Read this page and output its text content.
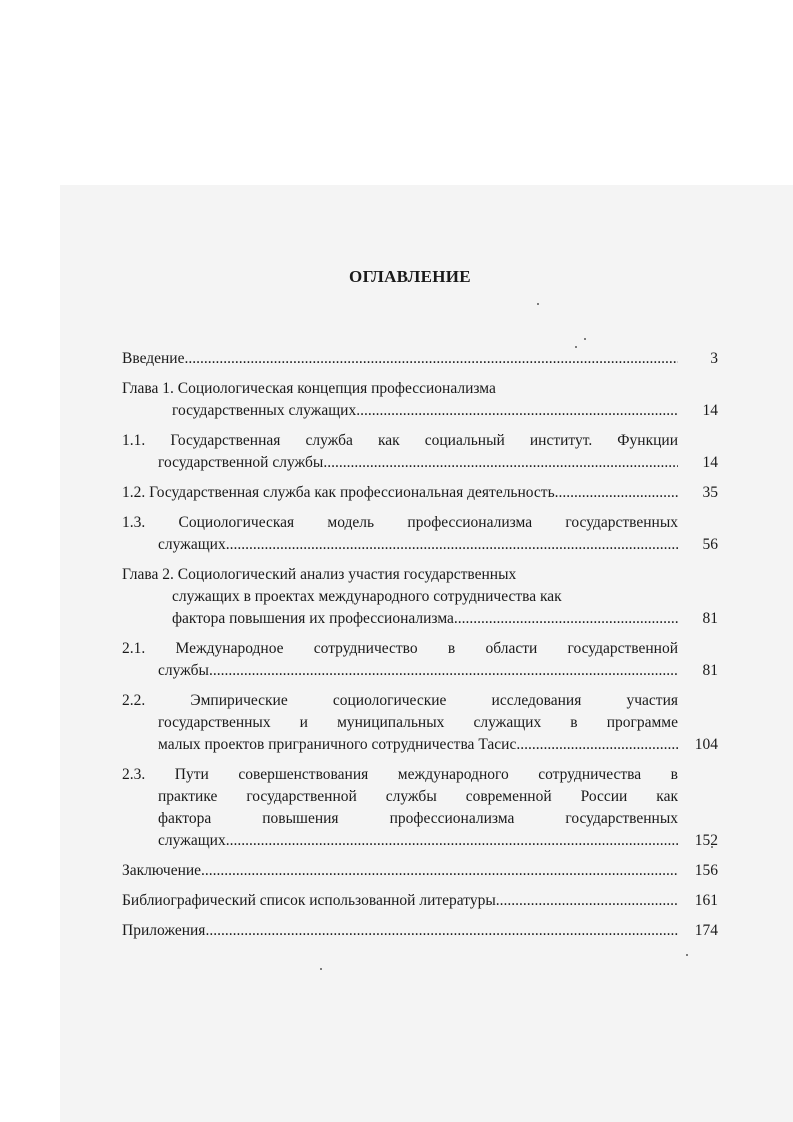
ОГЛАВЛЕНИЕ
Введение .....	3
Глава 1. Социологическая концепция профессионализма
государственных служащих .....	14
1.1. Государственная служба как социальный институт. Функции
государственной службы .....	14
1.2. Государственная служба как профессиональная деятельность .....	35
1.3. Социологическая модель профессионализма государственных
служащих .....	56
Глава 2. Социологический анализ участия государственных
служащих в проектах международного сотрудничества как
фактора повышения их профессионализма .....	81
2.1. Международное сотрудничество в области государственной
службы .....	81
2.2. Эмпирические социологические исследования участия
государственных и муниципальных служащих в программе
малых проектов приграничного сотрудничества Тасис .....	104
2.3. Пути совершенствования международного сотрудничества в
практике государственной службы современной России как
фактора повышения профессионализма государственных
служащих .....	152
Заключение .....	156
Библиографический список использованной литературы .....	161
Приложения .....	174
